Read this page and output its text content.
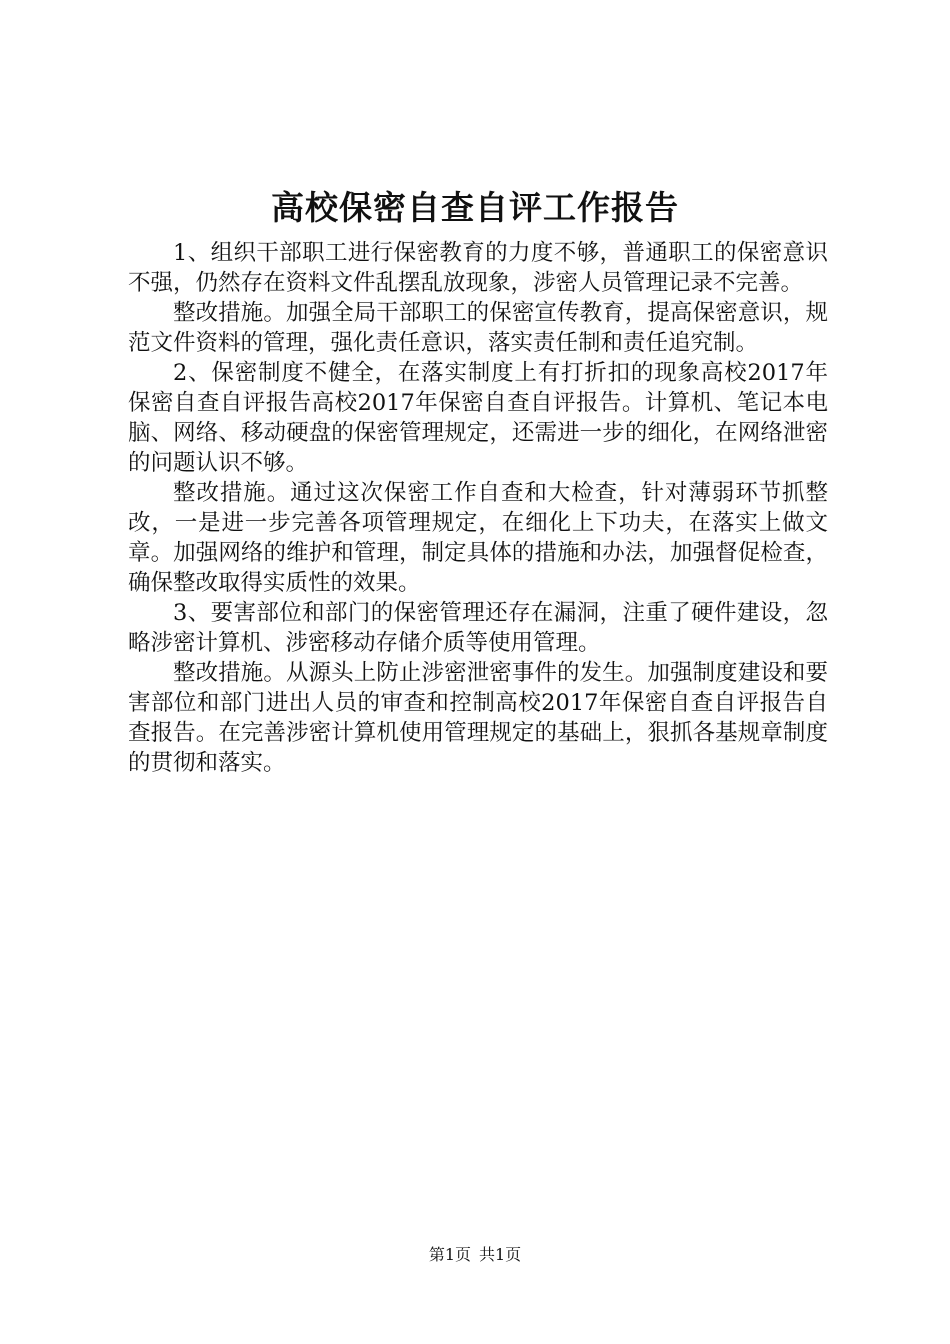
高校保密自查自评工作报告

1、组织干部职工进行保密教育的力度不够，普通职工的保密意识不强，仍然存在资料文件乱摆乱放现象，涉密人员管理记录不完善。

整改措施。加强全局干部职工的保密宣传教育，提高保密意识，规范文件资料的管理，强化责任意识，落实责任制和责任追究制。

2、保密制度不健全，在落实制度上有打折扣的现象高校2017年保密自查自评报告高校2017年保密自查自评报告。计算机、笔记本电脑、网络、移动硬盘的保密管理规定，还需进一步的细化，在网络泄密的问题认识不够。

整改措施。通过这次保密工作自查和大检查，针对薄弱环节抓整改，一是进一步完善各项管理规定，在细化上下功夫，在落实上做文章。加强网络的维护和管理，制定具体的措施和办法，加强督促检查，确保整改取得实质性的效果。

3、要害部位和部门的保密管理还存在漏洞，注重了硬件建设，忽略涉密计算机、涉密移动存储介质等使用管理。

整改措施。从源头上防止涉密泄密事件的发生。加强制度建设和要害部位和部门进出人员的审查和控制高校2017年保密自查自评报告自查报告。在完善涉密计算机使用管理规定的基础上，狠抓各基规章制度的贯彻和落实。

第1页 共1页
